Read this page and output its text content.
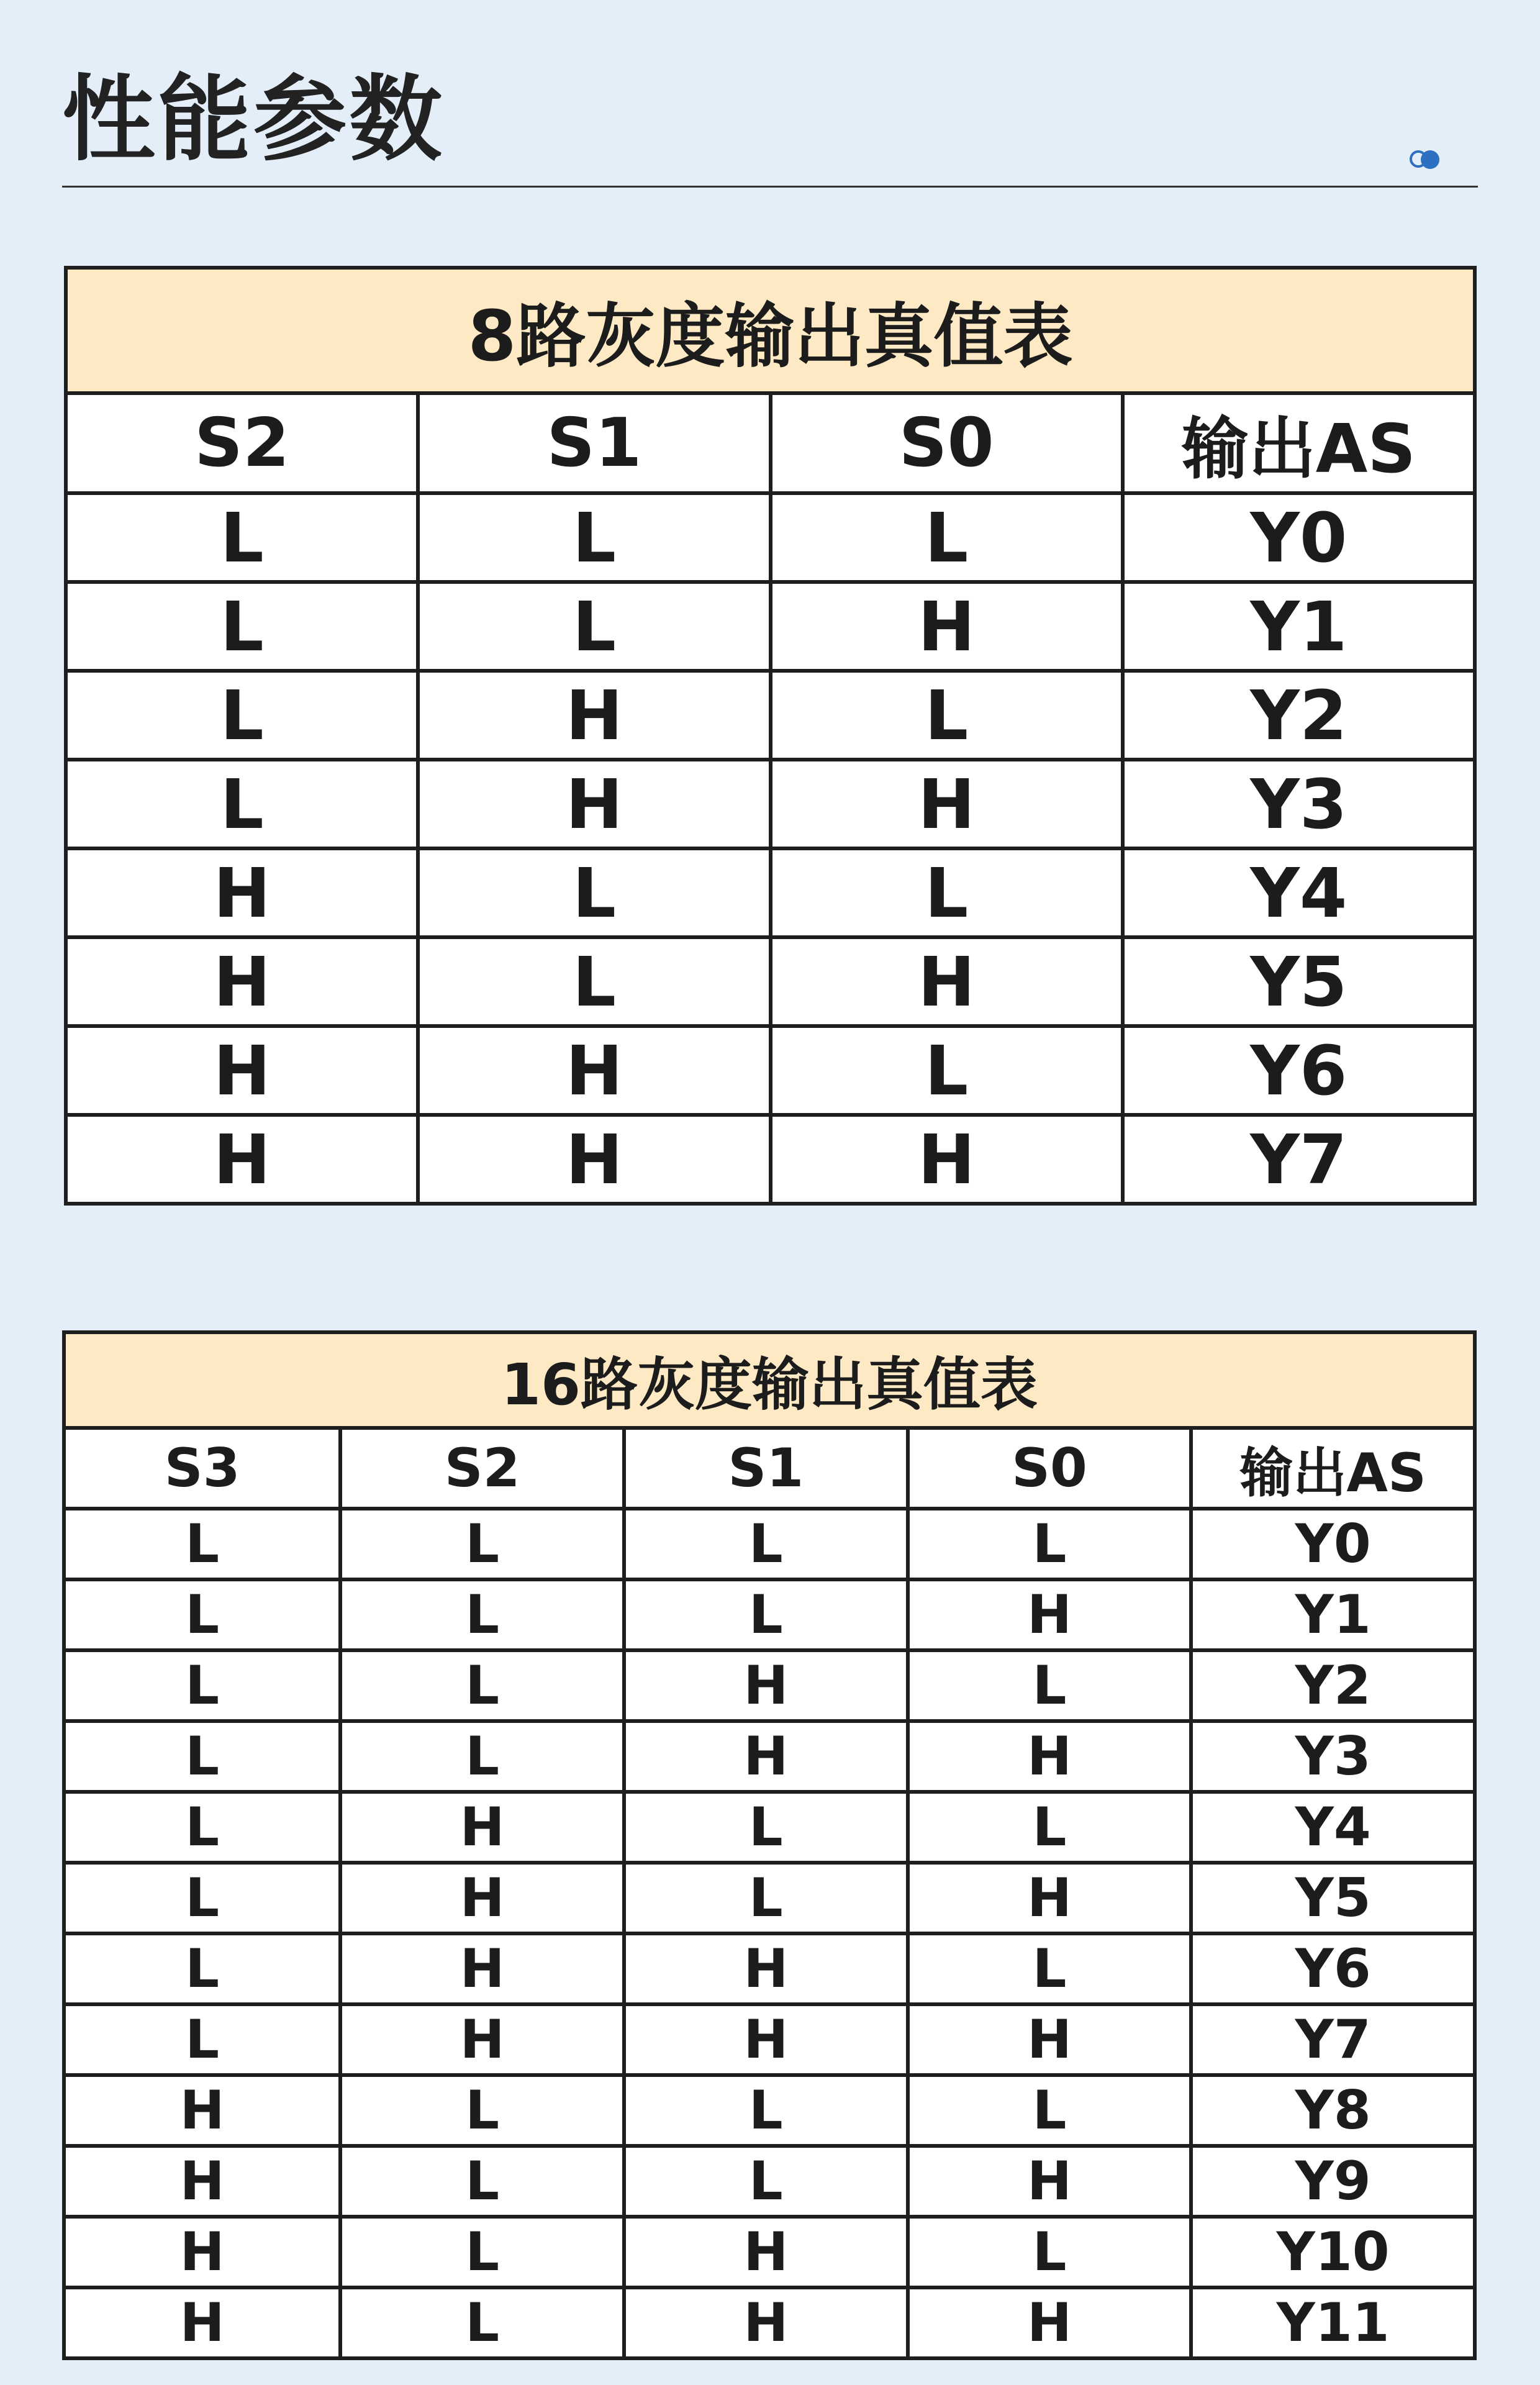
性能参数
8路灰度输出真值表			
S2	S1	S0	输出AS
L	L	L	Y0
L	L	H	Y1
L	H	L	Y2
L	H	H	Y3
H	L	L	Y4
H	L	H	Y5
H	H	L	Y6
H	H	H	Y7
16路灰度输出真值表				
S3	S2	S1	S0	输出AS
L	L	L	L	Y0
L	L	L	H	Y1
L	L	H	L	Y2
L	L	H	H	Y3
L	H	L	L	Y4
L	H	L	H	Y5
L	H	H	L	Y6
L	H	H	H	Y7
H	L	L	L	Y8
H	L	L	H	Y9
H	L	H	L	Y10
H	L	H	H	Y11
